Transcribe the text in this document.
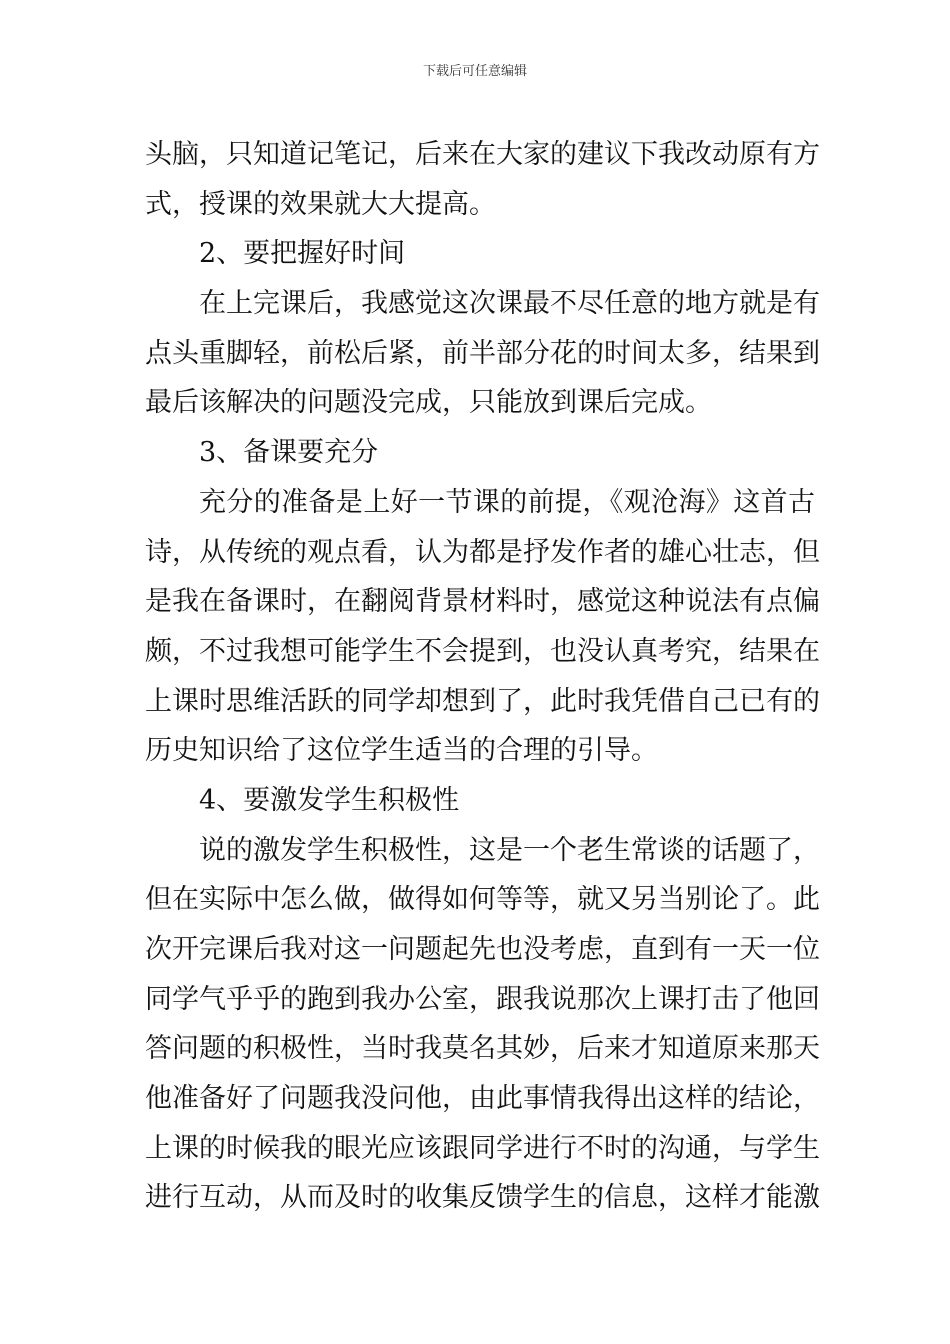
下载后可任意编辑
头脑，只知道记笔记，后来在大家的建议下我改动原有方
式，授课的效果就大大提高。
2、要把握好时间
在上完课后，我感觉这次课最不尽任意的地方就是有
点头重脚轻，前松后紧，前半部分花的时间太多，结果到
最后该解决的问题没完成，只能放到课后完成。
3、备课要充分
充分的准备是上好一节课的前提，《观沧海》这首古
诗，从传统的观点看，认为都是抒发作者的雄心壮志，但
是我在备课时，在翻阅背景材料时，感觉这种说法有点偏
颇，不过我想可能学生不会提到，也没认真考究，结果在
上课时思维活跃的同学却想到了，此时我凭借自己已有的
历史知识给了这位学生适当的合理的引导。
4、要激发学生积极性
说的激发学生积极性，这是一个老生常谈的话题了，
但在实际中怎么做，做得如何等等，就又另当别论了。此
次开完课后我对这一问题起先也没考虑，直到有一天一位
同学气乎乎的跑到我办公室，跟我说那次上课打击了他回
答问题的积极性，当时我莫名其妙，后来才知道原来那天
他准备好了问题我没问他，由此事情我得出这样的结论，
上课的时候我的眼光应该跟同学进行不时的沟通，与学生
进行互动，从而及时的收集反馈学生的信息，这样才能激
